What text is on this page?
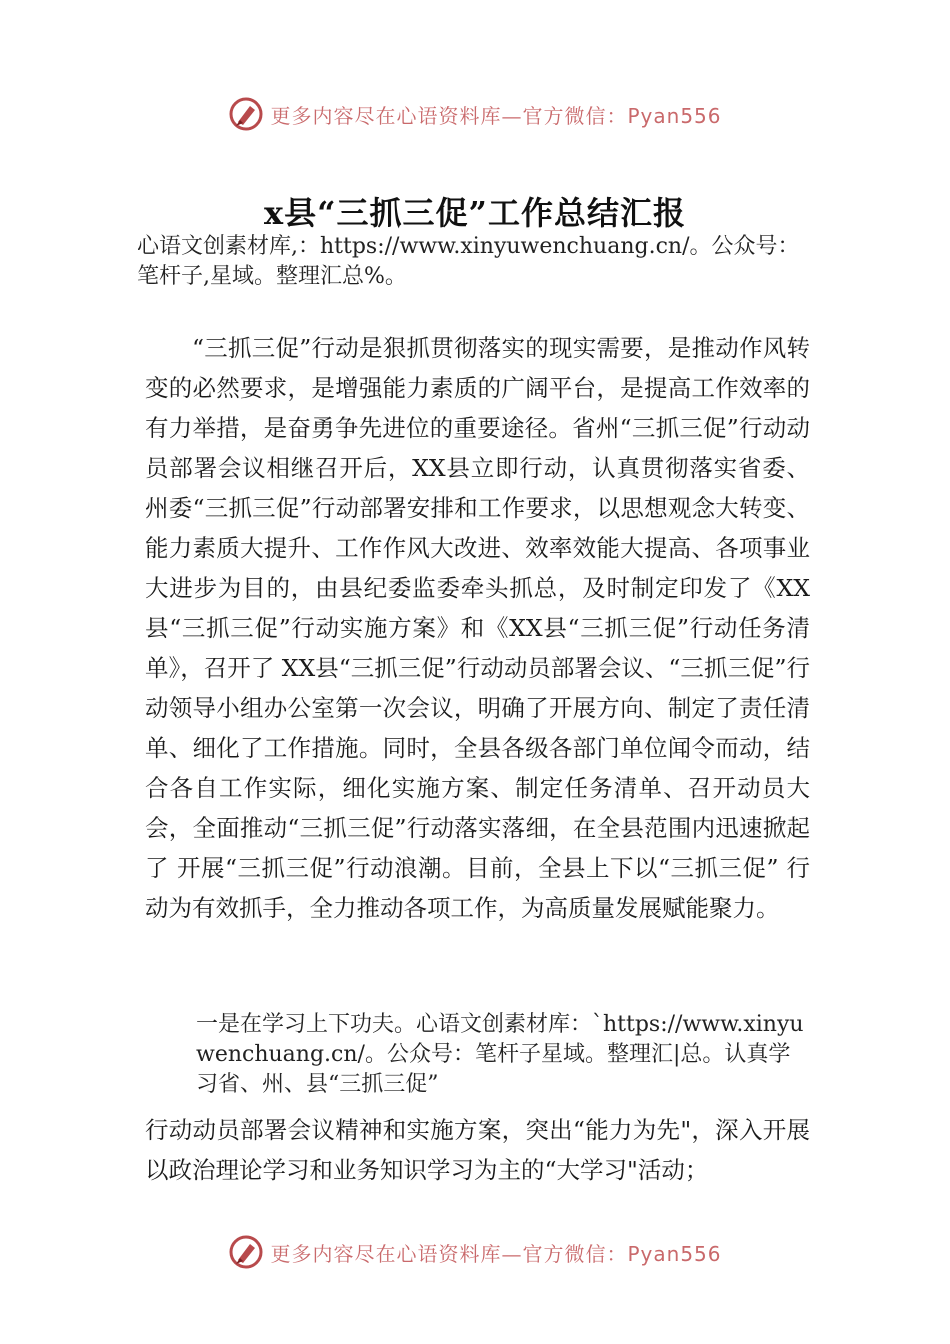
更多内容尽在心语资料库—官方微信：Pyan556
x县“三抓三促”工作总结汇报
心语文创素材库,：https://www.xinyuwenchuang.cn/。公众号：笔杆子,星域。整理汇总%。
“三抓三促”行动是狠抓贯彻落实的现实需要，是推动作风转变的必然要求，是增强能力素质的广阔平台，是提高工作效率的有力举措，是奋勇争先进位的重要途径。省州“三抓三促”行动动员部署会议相继召开后，XX县立即行动，认真贯彻落实省委、州委“三抓三促”行动部署安排和工作要求，以思想观念大转变、能力素质大提升、工作作风大改进、效率效能大提高、各项事业大进步为目的，由县纪委监委牵头抓总，及时制定印发了《XX县“三抓三促”行动实施方案》和《XX县“三抓三促”行动任务清单》，召开了 XX县“三抓三促”行动动员部署会议、“三抓三促”行动领导小组办公室第一次会议，明确了开展方向、制定了责任清单、细化了工作措施。同时，全县各级各部门单位闻令而动，结合各自工作实际，细化实施方案、制定任务清单、召开动员大会，全面推动“三抓三促”行动落实落细，在全县范围内迅速掀起了 开展“三抓三促”行动浪潮。目前，全县上下以“三抓三促” 行动为有效抓手，全力推动各项工作，为高质量发展赋能聚力。
一是在学习上下功夫。心语文创素材库：`https://www.xinyuwenchuang.cn/。公众号：笔杆子星域。整理汇|总。认真学习省、州、县“三抓三促”
行动动员部署会议精神和实施方案，突出“能力为先"，深入开展以政治理论学习和业务知识学习为主的“大学习"活动；
更多内容尽在心语资料库—官方微信：Pyan556
